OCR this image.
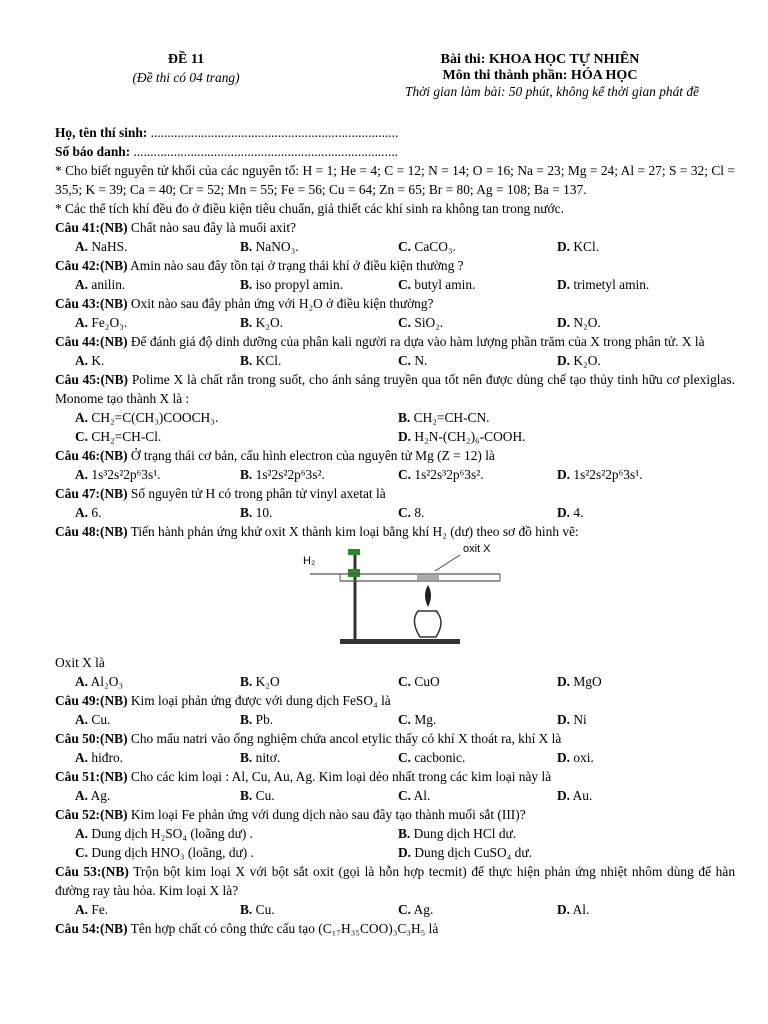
ĐỀ 11
(Đề thi có 04 trang)
Bài thi: KHOA HỌC TỰ NHIÊN
Môn thi thành phần: HÓA HỌC
Thời gian làm bài: 50 phút, không kể thời gian phát đề
Họ, tên thí sinh: ..........................................................................
Số báo danh: ...............................................................................
* Cho biết nguyên tử khối của các nguyên tố: H = 1; He = 4; C = 12; N = 14; O = 16; Na = 23; Mg = 24; Al = 27; S = 32; Cl = 35,5; K = 39; Ca = 40; Cr = 52; Mn = 55; Fe = 56; Cu = 64; Zn = 65; Br = 80; Ag = 108; Ba = 137.
* Các thể tích khí đều đo ở điều kiện tiêu chuẩn, giả thiết các khí sinh ra không tan trong nước.
Câu 41:(NB) Chất nào sau đây là muối axit?
A. NaHS.	B. NaNO₃.	C. CaCO₃.	D. KCl.
Câu 42:(NB) Amin nào sau đây tồn tại ở trạng thái khí ở điều kiện thường ?
A. anilin.	B. iso propyl amin.	C. butyl amin.	D. trimetyl amin.
Câu 43:(NB) Oxit nào sau đây phản ứng với H₂O ở điều kiện thường?
A. Fe₂O₃.	B. K₂O.	C. SiO₂.	D. N₂O.
Câu 44:(NB) Để đánh giá độ dinh dưỡng của phân kali người ra dựa vào hàm lượng phần trăm của X trong phân tử. X là
A. K.	B. KCl.	C. N.	D. K₂O.
Câu 45:(NB) Polime X là chất rắn trong suốt, cho ánh sáng truyền qua tốt nên được dùng chế tạo thủy tinh hữu cơ plexiglas. Monome tạo thành X là :
A. CH₂=C(CH₃)COOCH₃.	B. CH₂=CH-CN.
C. CH₂=CH-Cl.	D. H₂N-(CH₂)₆-COOH.
Câu 46:(NB) Ở trạng thái cơ bản, cấu hình electron của nguyên tử Mg (Z = 12) là
A. 1s³2s²2p⁶3s¹.	B. 1s²2s²2p⁶3s².	C. 1s²2s³2p⁶3s².	D. 1s²2s²2p⁶3s¹.
Câu 47:(NB) Số nguyên tử H có trong phân tử vinyl axetat là
A. 6.	B. 10.	C. 8.	D. 4.
Câu 48:(NB) Tiến hành phản ứng khử oxit X thành kim loại bằng khí H₂ (dư) theo sơ đồ hình vẽ:
oxit X
H₂
Oxit X là
A. Al₂O₃	B. K₂O	C. CuO	D. MgO
Câu 49:(NB) Kim loại phản ứng được với dung dịch FeSO₄ là
A. Cu.	B. Pb.	C. Mg.	D. Ni
Câu 50:(NB) Cho mẩu natri vào ống nghiệm chứa ancol etylic thấy có khí X thoát ra, khí X là
A. hiđro.	B. nitơ.	C. cacbonic.	D. oxi.
Câu 51:(NB) Cho các kim loại : Al, Cu, Au, Ag. Kim loại dẻo nhất trong các kim loại này là
A. Ag.	B. Cu.	C. Al.	D. Au.
Câu 52:(NB) Kim loại Fe phản ứng với dung dịch nào sau đây tạo thành muối sắt (III)?
A. Dung dịch H₂SO₄ (loãng dư) .	B. Dung dịch HCl dư.
C. Dung dịch HNO₃ (loãng, dư) .	D. Dung dịch CuSO₄ dư.
Câu 53:(NB) Trộn bột kim loại X với bột sắt oxit (gọi là hỗn hợp tecmit) để thực hiện phản ứng nhiệt nhôm dùng để hàn đường ray tàu hỏa. Kim loại X là?
A. Fe.	B. Cu.	C. Ag.	D. Al.
Câu 54:(NB) Tên hợp chất có công thức cấu tạo (C₁₇H₃₅COO)₃C₃H₅ là
